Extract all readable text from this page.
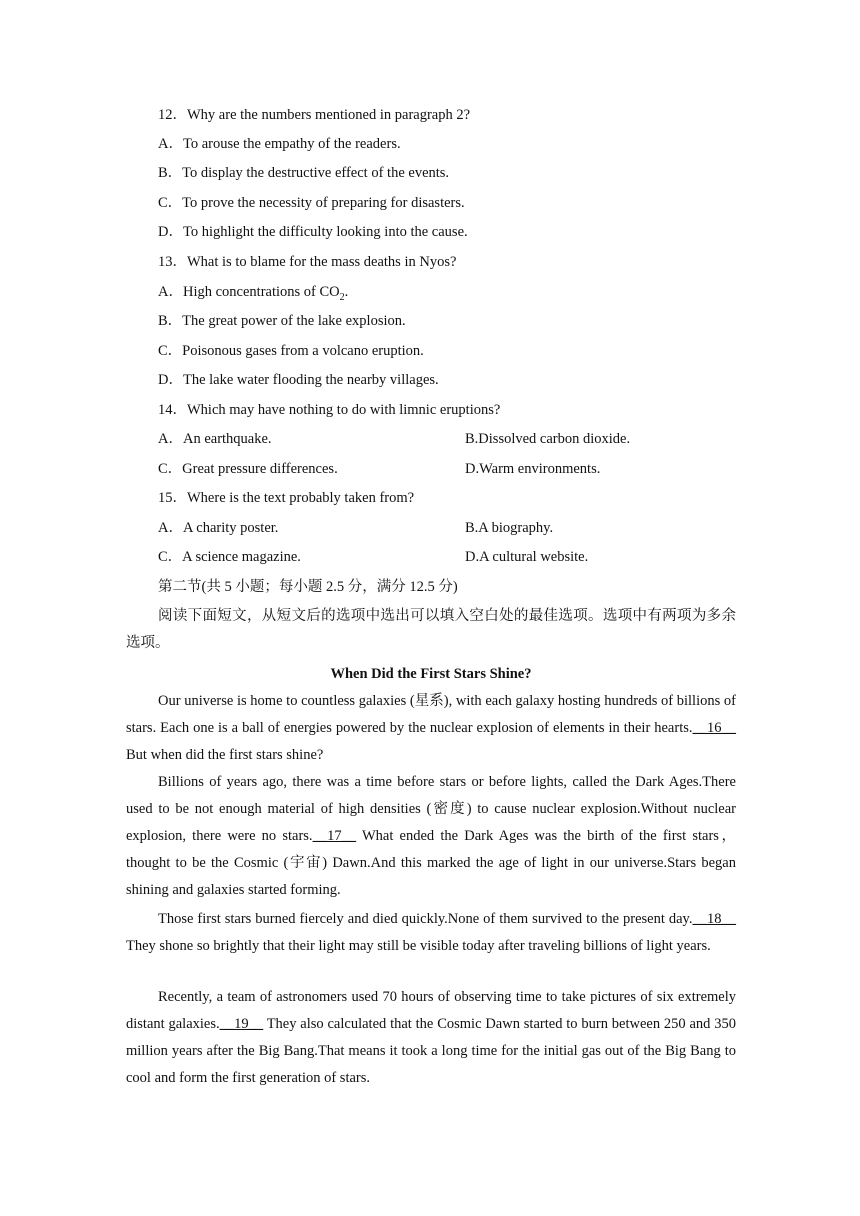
12．Why are the numbers mentioned in paragraph 2?
A．To arouse the empathy of the readers.
B．To display the destructive effect of the events.
C．To prove the necessity of preparing for disasters.
D．To highlight the difficulty looking into the cause.
13．What is to blame for the mass deaths in Nyos?
A．High concentrations of $CO_2$.
B．The great power of the lake explosion.
C．Poisonous gases from a volcano eruption.
D．The lake water flooding the nearby villages.
14．Which may have nothing to do with limnic eruptions?
A．An earthquake.	B.Dissolved carbon dioxide.
C．Great pressure differences.	D.Warm environments.
15．Where is the text probably taken from?
A．A charity poster.	B.A biography.
C．A science magazine.	D.A cultural website.
第二节(共 5 小题；每小题 2.5 分，满分 12.5 分)
阅读下面短文，从短文后的选项中选出可以填入空白处的最佳选项。选项中有两项为多余选项。
When Did the First Stars Shine?
Our universe is home to countless galaxies (星系), with each galaxy hosting hundreds of billions of stars. Each one is a ball of energies powered by the nuclear explosion of elements in their hearts.__16__ But when did the first stars shine?
Billions of years ago, there was a time before stars or before lights, called the Dark Ages.There used to be not enough material of high densities (密度) to cause nuclear explosion.Without nuclear explosion, there were no stars.__17__ What ended the Dark Ages was the birth of the first stars，thought to be the Cosmic (宇宙) Dawn.And this marked the age of light in our universe.Stars began shining and galaxies started forming.
Those first stars burned fiercely and died quickly.None of them survived to the present day.__18__ They shone so brightly that their light may still be visible today after traveling billions of light years.
Recently, a team of astronomers used 70 hours of observing time to take pictures of six extremely distant galaxies.__19__ They also calculated that the Cosmic Dawn started to burn between 250 and 350 million years after the Big Bang.That means it took a long time for the initial gas out of the Big Bang to cool and form the first generation of stars.
